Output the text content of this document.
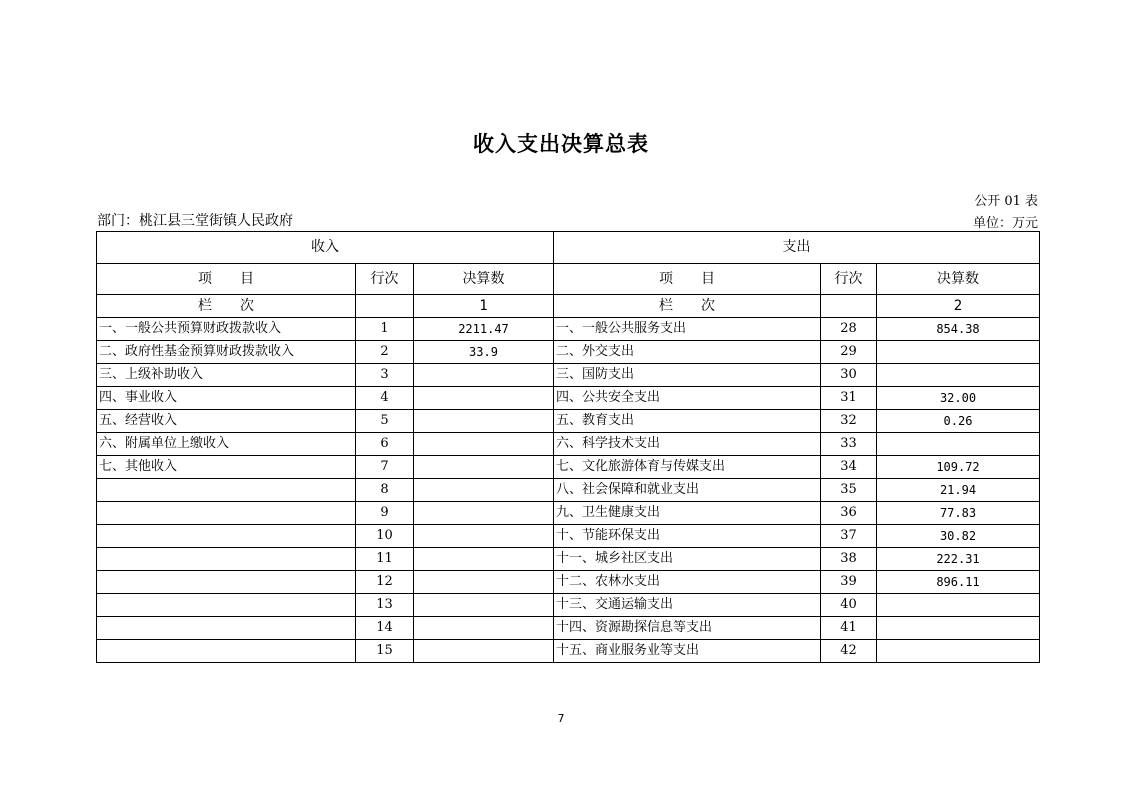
收入支出决算总表
公开 01 表
部门：桃江县三堂街镇人民政府	单位：万元
收入			支出		
项　　目	行次	决算数	项　　目	行次	决算数
栏　　次		1	栏　　次		2
一、一般公共预算财政拨款收入	1	2211.47	一、一般公共服务支出	28	854.38
二、政府性基金预算财政拨款收入	2	33.9	二、外交支出	29	
三、上级补助收入	3		三、国防支出	30	
四、事业收入	4		四、公共安全支出	31	32.00
五、经营收入	5		五、教育支出	32	0.26
六、附属单位上缴收入	6		六、科学技术支出	33	
七、其他收入	7		七、文化旅游体育与传媒支出	34	109.72
	8		八、社会保障和就业支出	35	21.94
	9		九、卫生健康支出	36	77.83
	10		十、节能环保支出	37	30.82
	11		十一、城乡社区支出	38	222.31
	12		十二、农林水支出	39	896.11
	13		十三、交通运输支出	40	
	14		十四、资源勘探信息等支出	41	
	15		十五、商业服务业等支出	42	
7
